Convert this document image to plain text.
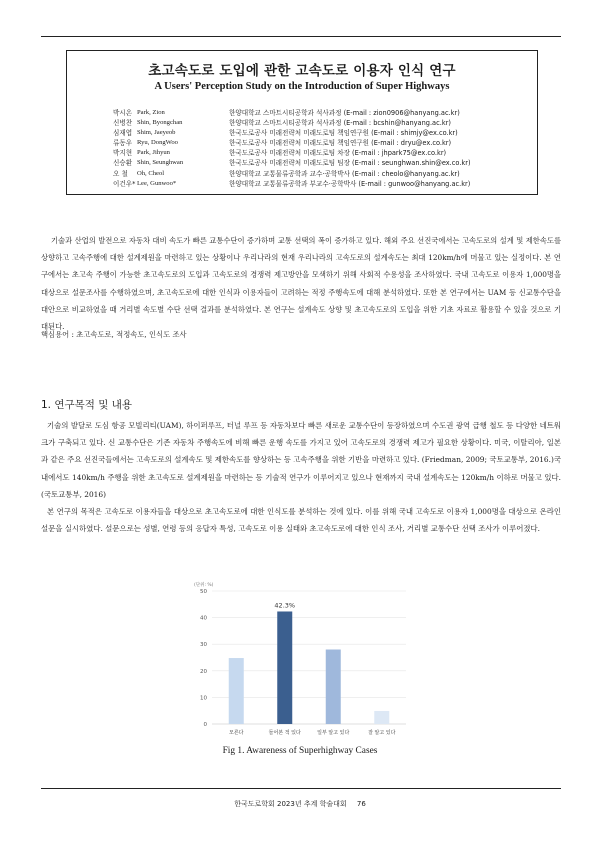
초고속도로 도입에 관한 고속도로 이용자 인식 연구
A Users' Perception Study on the Introduction of Super Highways
박시온 Park, Zion	한양대학교 스마트시티공학과 석사과정 (E-mail : zion0906@hanyang.ac.kr)
신병찬 Shin, Byongchan	한양대학교 스마트시티공학과 석사과정 (E-mail : bcshin@hanyang.ac.kr)
심재엽 Shim, Jaeyeob	한국도로공사 미래전략처 미래도로팀 책임연구원 (E-mail : shimjy@ex.co.kr)
류동우 Ryu, DongWoo	한국도로공사 미래전략처 미래도로팀 책임연구원 (E-mail : dryu@ex.co.kr)
박지현 Park, Jihyun	한국도로공사 미래전략처 미래도로팀 차장 (E-mail : jhpark75@ex.co.kr)
신승환 Shin, Seunghwan	한국도로공사 미래전략처 미래도로팀 팀장 (E-mail : seunghwan.shin@ex.co.kr)
오 철	Oh, Cheol	한양대학교 교통물류공학과 교수·공학박사 (E-mail : cheolo@hanyang.ac.kr)
이건우* Lee, Gunwoo*	한양대학교 교통물류공학과 부교수·공학박사 (E-mail : gunwoo@hanyang.ac.kr)
기술과 산업의 발전으로 자동차 대비 속도가 빠른 교통수단이 증가하며 교통 선택의 폭이 증가하고 있다. 해외 주요 선진국에서는 고속도로의 설계 및 제한속도를 상향하고 고속주행에 대한 설계제원을 마련하고 있는 상황이나 우리나라의 현재 우리나라의 고속도로의 설계속도는 최대 120km/h에 머물고 있는 실정이다. 본 연구에서는 초고속 주행이 가능한 초고속도로의 도입과 고속도로의 경쟁력 제고방안을 모색하기 위해 사회적 수용성을 조사하였다. 국내 고속도로 이용자 1,000명을 대상으로 설문조사를 수행하였으며, 초고속도로에 대한 인식과 이용자들이 고려하는 적정 주행속도에 대해 분석하였다. 또한 본 연구에서는 UAM 등 신교통수단을 대안으로 비교하였을 때 거리별 속도별 수단 선택 결과를 분석하였다. 본 연구는 설계속도 상향 및 초고속도로의 도입을 위한 기초 자료로 활용할 수 있을 것으로 기대된다.
핵심용어 : 초고속도로, 적정속도, 인식도 조사
1. 연구목적 및 내용

기술의 발달로 도심 항공 모빌리티(UAM), 하이퍼루프, 터널 루프 등 자동차보다 빠른 새로운 교통수단이 등장하였으며 수도권 광역 급행 철도 등 다양한 네트워크가 구축되고 있다. 신 교통수단은 기존 자동차 주행속도에 비해 빠른 운행 속도를 가지고 있어 고속도로의 경쟁력 제고가 필요한 상황이다. 미국, 이탈리아, 일본과 같은 주요 선진국들에서는 고속도로의 설계속도 및 제한속도를 향상하는 등 고속주행을 위한 기반을 마련하고 있다. (Friedman, 2009; 국토교통부, 2016.)국내에서도 140km/h 주행을 위한 초고속도로 설계제원을 마련하는 등 기술적 연구가 이루어지고 있으나 현재까지 국내 설계속도는 120km/h 이하로 머물고 있다. (국토교통부, 2016)

본 연구의 목적은 고속도로 이용자들을 대상으로 초고속도로에 대한 인식도를 분석하는 것에 있다. 이를 위해 국내 고속도로 이용자 1,000명을 대상으로 온라인 설문을 실시하였다. 설문으로는 성별, 연령 등의 응답자 특성, 고속도로 이용 실태와 초고속도로에 대한 인식 조사, 거리별 교통수단 선택 조사가 이루어졌다.

(단위: %)
0
10
20
30
40
50
42.3%
모른다	들어본 적 있다	일부 알고 있다	잘 알고 있다
Fig 1. Awareness of Superhighway Cases
한국도로학회 2023년 추계 학술대회 76
